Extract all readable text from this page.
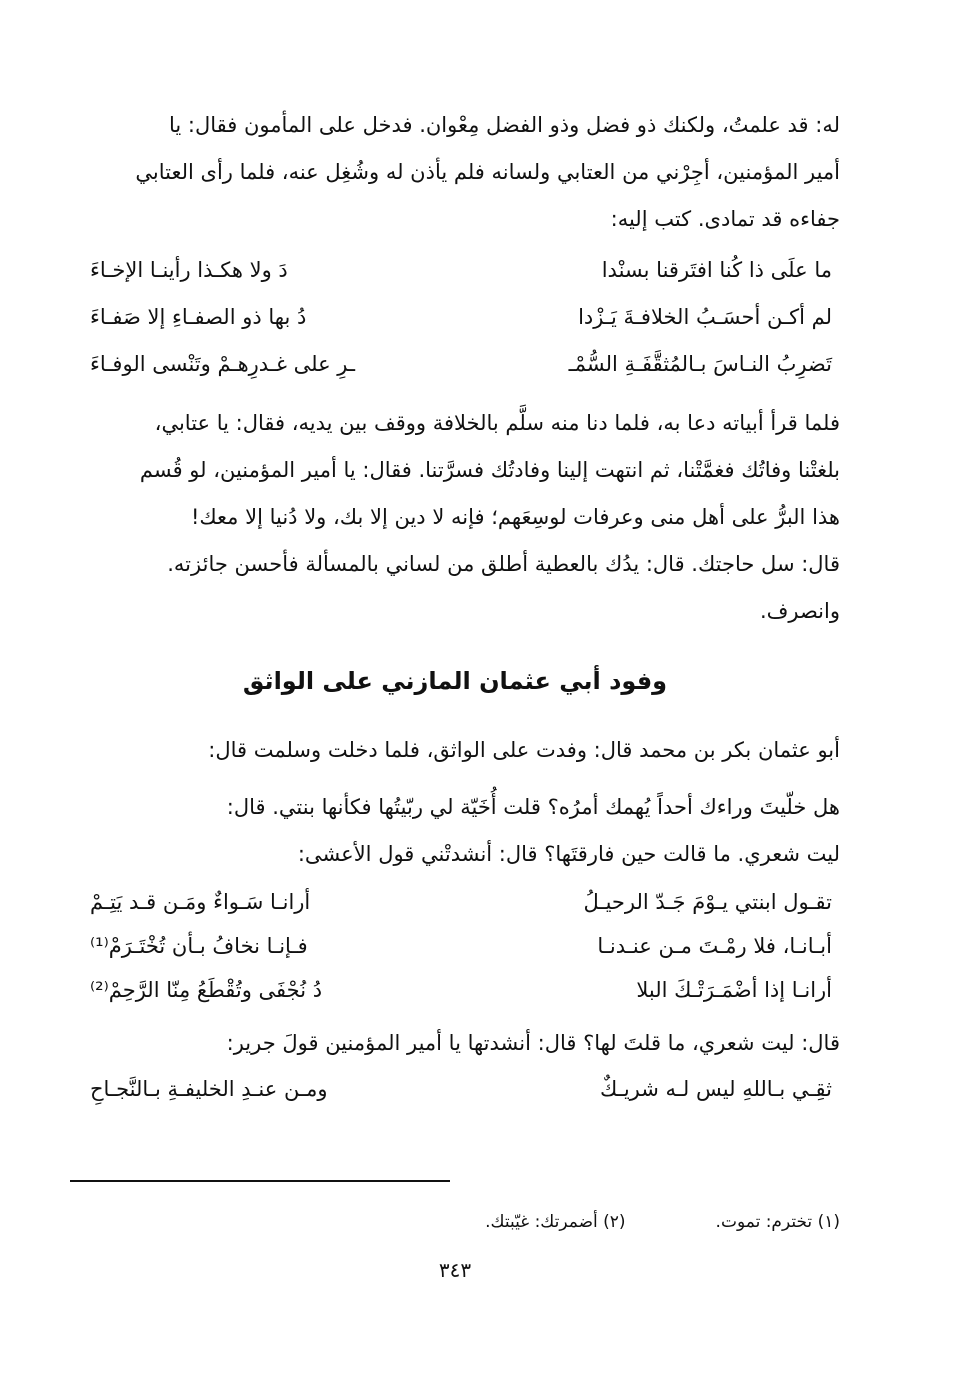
له: قد علمتُ، ولكنك ذو فضل وذو الفضل مِعْوان. فدخل على المأمون فقال: يا
أمير المؤمنين، أجِرْني من العتابي ولسانه فلم يأذن له وشُغِل عنه، فلما رأى العتابي
جفاءه قد تمادى. كتب إليه:
ما علَى ذا كُنا افتَرقنا بسنْدا
دَ ولا هكـذا رأينـا الإخـاءَ
لم أكـن أحسَـبُ الخلافـةَ يَـزْدا
دُ بها ذو الصفـاءِ إلا صَفـاءَ
تَضرِبُ النـاسَ بـالمُثقَّفَـةِ السُّمْـ
ـرِ على غـدرِهـمْ وتَنْسى الوفـاءَ
فلما قرأ أبياته دعا به، فلما دنا منه سلَّم بالخلافة ووقف بين يديه، فقال: يا عتابي،
بلغتْنا وفاتُك فغمَّتْنا، ثم انتهت إلينا وفادتُك فسرَّتنا. فقال: يا أمير المؤمنين، لو قُسم
هذا البرُّ على أهل منى وعرفات لوسِعَهم؛ فإنه لا دين إلا بك، ولا دُنيا إلا معك!
قال: سل حاجتك. قال: يدُك بالعطية أطلق من لساني بالمسألة فأحسن جائزته.
وانصرف.
وفود أبي عثمان المازني على الواثق
أبو عثمان بكر بن محمد قال: وفدت على الواثق، فلما دخلت وسلمت قال:
هل خلّيتَ وراءك أحداً يُهمك أمرُه؟ قلت أُخَيّة لي ربّيتُها فكأنها بنتي. قال:
ليت شعري. ما قالت حين فارقتَها؟ قال: أنشدتْني قول الأعشى:
تقـول ابنتي يـوْمَ جَـدّ الرحيـلُ
أرانـا سَـواءٌ ومَـن قـد يَتِـمْ
أبـانـا، فلا رمْـتَ مـن عنـدنـا
فـإنـا نخافُ بـأن تُخْتَـرَمْ⁽¹⁾
أرانـا إذا أضْمَـرَتْـكَ البلا
دُ نُجْفَى وتُقْطَعُ مِنّا الرَّحِمْ⁽²⁾
قال: ليت شعري، ما قلتَ لها؟ قال: أنشدتها يا أمير المؤمنين قولَ جرير:
ثقِـي بـاللهِ ليس لـه شريـكٌ
ومـن عنـدِ الخليفـةِ بـالنَّجـاحِ
(١) تخترم: تموت.
(٢) أضمرتك: غيّبتك.
٣٤٣
